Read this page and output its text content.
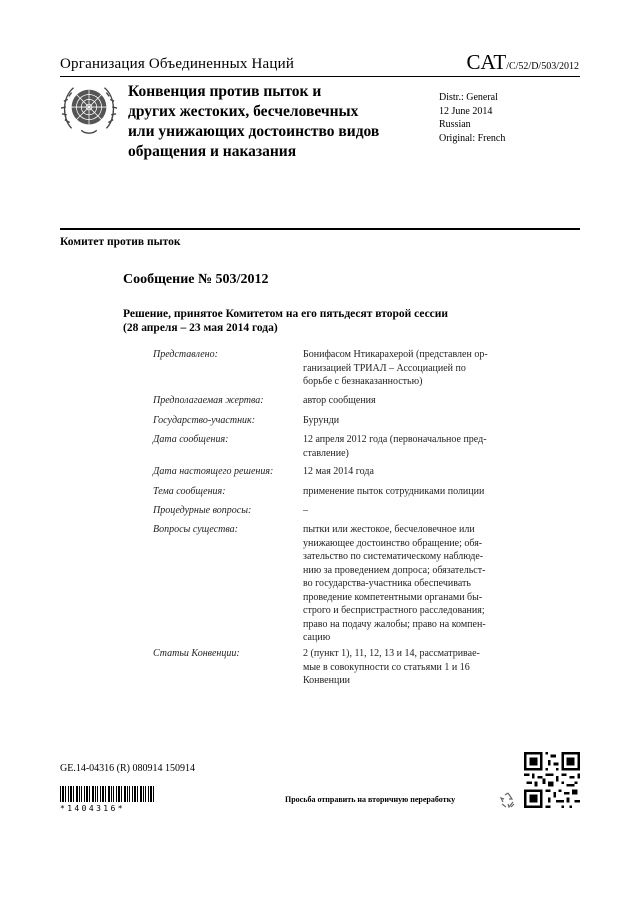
Организация Объединенных Наций	CAT/C/52/D/503/2012
Конвенция против пыток и
других жестоких, бесчеловечных
или унижающих достоинство видов
обращения и наказания
Distr.: General
12 June 2014
Russian
Original: French
Комитет против пыток
Сообщение № 503/2012
Решение, принятое Комитетом на его пятьдесят второй сессии
(28 апреля – 23 мая 2014 года)
Представлено:	Бонифасом Нтикарахерой (представлен ор-
ганизацией ТРИАЛ – Ассоциацией по
борьбе с безнаказанностью)
Предполагаемая жертва:	автор сообщения
Государство-участник:	Бурунди
Дата сообщения:	12 апреля 2012 года (первоначальное пред-
ставление)
Дата настоящего решения:	12 мая 2014 года
Тема сообщения:	применение пыток сотрудниками полиции
Процедурные вопросы:	–
Вопросы существа:	пытки или жестокое, бесчеловечное или
унижающее достоинство обращение; обя-
зательство по систематическому наблюде-
нию за проведением допроса; обязательст-
во государства-участника обеспечивать
проведение компетентными органами бы-
строго и беспристрастного расследования;
право на подачу жалобы; право на компен-
сацию
Статьи Конвенции:	2 (пункт 1), 11, 12, 13 и 14, рассматривае-
мые в совокупности со статьями 1 и 16
Конвенции
GE.14-04316 (R) 080914 150914
*1404316*
Просьба отправить на вторичную переработку
